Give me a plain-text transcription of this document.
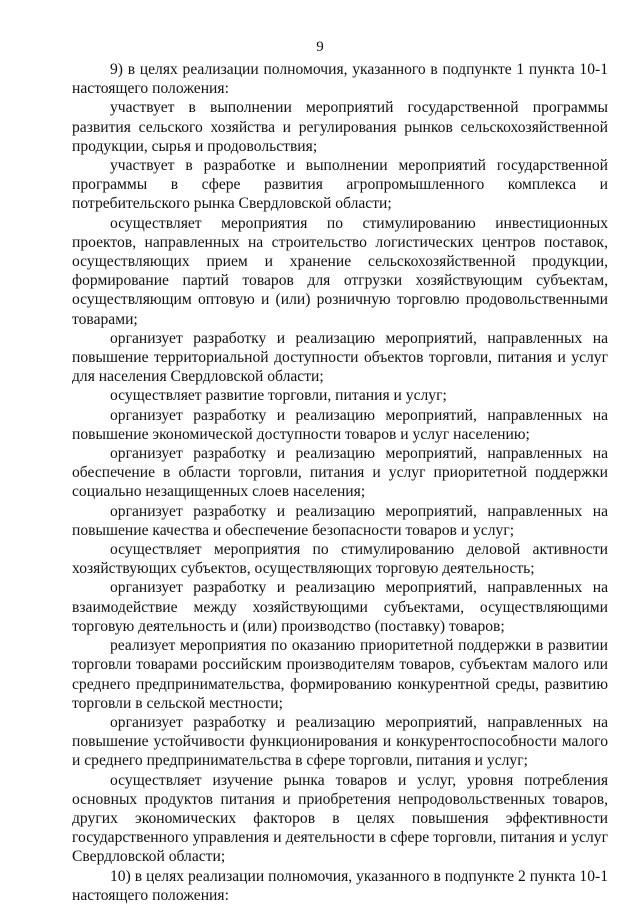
9

9) в целях реализации полномочия, указанного в подпункте 1 пункта 10-1 настоящего положения:

участвует в выполнении мероприятий государственной программы развития сельского хозяйства и регулирования рынков сельскохозяйственной продукции, сырья и продовольствия;

участвует в разработке и выполнении мероприятий государственной программы в сфере развития агропромышленного комплекса и потребительского рынка Свердловской области;

осуществляет мероприятия по стимулированию инвестиционных проектов, направленных на строительство логистических центров поставок, осуществляющих прием и хранение сельскохозяйственной продукции, формирование партий товаров для отгрузки хозяйствующим субъектам, осуществляющим оптовую и (или) розничную торговлю продовольственными товарами;

организует разработку и реализацию мероприятий, направленных на повышение территориальной доступности объектов торговли, питания и услуг для населения Свердловской области;

осуществляет развитие торговли, питания и услуг;

организует разработку и реализацию мероприятий, направленных на повышение экономической доступности товаров и услуг населению;

организует разработку и реализацию мероприятий, направленных на обеспечение в области торговли, питания и услуг приоритетной поддержки социально незащищенных слоев населения;

организует разработку и реализацию мероприятий, направленных на повышение качества и обеспечение безопасности товаров и услуг;

осуществляет мероприятия по стимулированию деловой активности хозяйствующих субъектов, осуществляющих торговую деятельность;

организует разработку и реализацию мероприятий, направленных на взаимодействие между хозяйствующими субъектами, осуществляющими торговую деятельность и (или) производство (поставку) товаров;

реализует мероприятия по оказанию приоритетной поддержки в развитии торговли товарами российским производителям товаров, субъектам малого или среднего предпринимательства, формированию конкурентной среды, развитию торговли в сельской местности;

организует разработку и реализацию мероприятий, направленных на повышение устойчивости функционирования и конкурентоспособности малого и среднего предпринимательства в сфере торговли, питания и услуг;

осуществляет изучение рынка товаров и услуг, уровня потребления основных продуктов питания и приобретения непродовольственных товаров, других экономических факторов в целях повышения эффективности государственного управления и деятельности в сфере торговли, питания и услуг Свердловской области;

10) в целях реализации полномочия, указанного в подпункте 2 пункта 10-1 настоящего положения:
